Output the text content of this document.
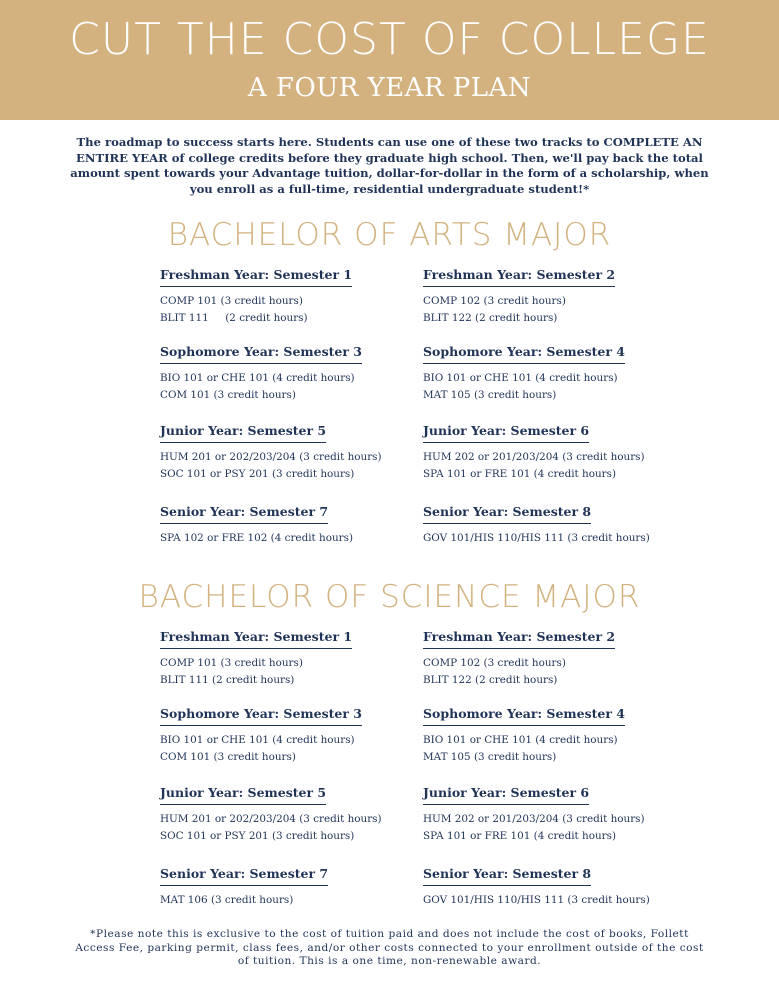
CUT THE COST OF COLLEGE
A FOUR YEAR PLAN
The roadmap to success starts here. Students can use one of these two tracks to COMPLETE AN ENTIRE YEAR of college credits before they graduate high school. Then, we'll pay back the total amount spent towards your Advantage tuition, dollar-for-dollar in the form of a scholarship, when you enroll as a full-time, residential undergraduate student!*
BACHELOR OF ARTS MAJOR
Freshman Year: Semester 1
COMP 101 (3 credit hours)
BLIT 111     (2 credit hours)
Freshman Year: Semester 2
COMP 102 (3 credit hours)
BLIT 122 (2 credit hours)
Sophomore Year: Semester 3
BIO 101 or CHE 101 (4 credit hours)
COM 101 (3 credit hours)
Sophomore Year: Semester 4
BIO 101 or CHE 101 (4 credit hours)
MAT 105 (3 credit hours)
Junior Year: Semester 5
HUM 201 or 202/203/204 (3 credit hours)
SOC 101 or PSY 201 (3 credit hours)
Junior Year: Semester 6
HUM 202 or 201/203/204 (3 credit hours)
SPA 101 or FRE 101 (4 credit hours)
Senior Year: Semester 7
SPA 102 or FRE 102 (4 credit hours)
Senior Year: Semester 8
GOV 101/HIS 110/HIS 111 (3 credit hours)
BACHELOR OF SCIENCE MAJOR
Freshman Year: Semester 1
COMP 101 (3 credit hours)
BLIT 111 (2 credit hours)
Freshman Year: Semester 2
COMP 102 (3 credit hours)
BLIT 122 (2 credit hours)
Sophomore Year: Semester 3
BIO 101 or CHE 101 (4 credit hours)
COM 101 (3 credit hours)
Sophomore Year: Semester 4
BIO 101 or CHE 101 (4 credit hours)
MAT 105 (3 credit hours)
Junior Year: Semester 5
HUM 201 or 202/203/204 (3 credit hours)
SOC 101 or PSY 201 (3 credit hours)
Junior Year: Semester 6
HUM 202 or 201/203/204 (3 credit hours)
SPA 101 or FRE 101 (4 credit hours)
Senior Year: Semester 7
MAT 106 (3 credit hours)
Senior Year: Semester 8
GOV 101/HIS 110/HIS 111 (3 credit hours)
*Please note this is exclusive to the cost of tuition paid and does not include the cost of books, Follett Access Fee, parking permit, class fees, and/or other costs connected to your enrollment outside of the cost of tuition. This is a one time, non-renewable award.
